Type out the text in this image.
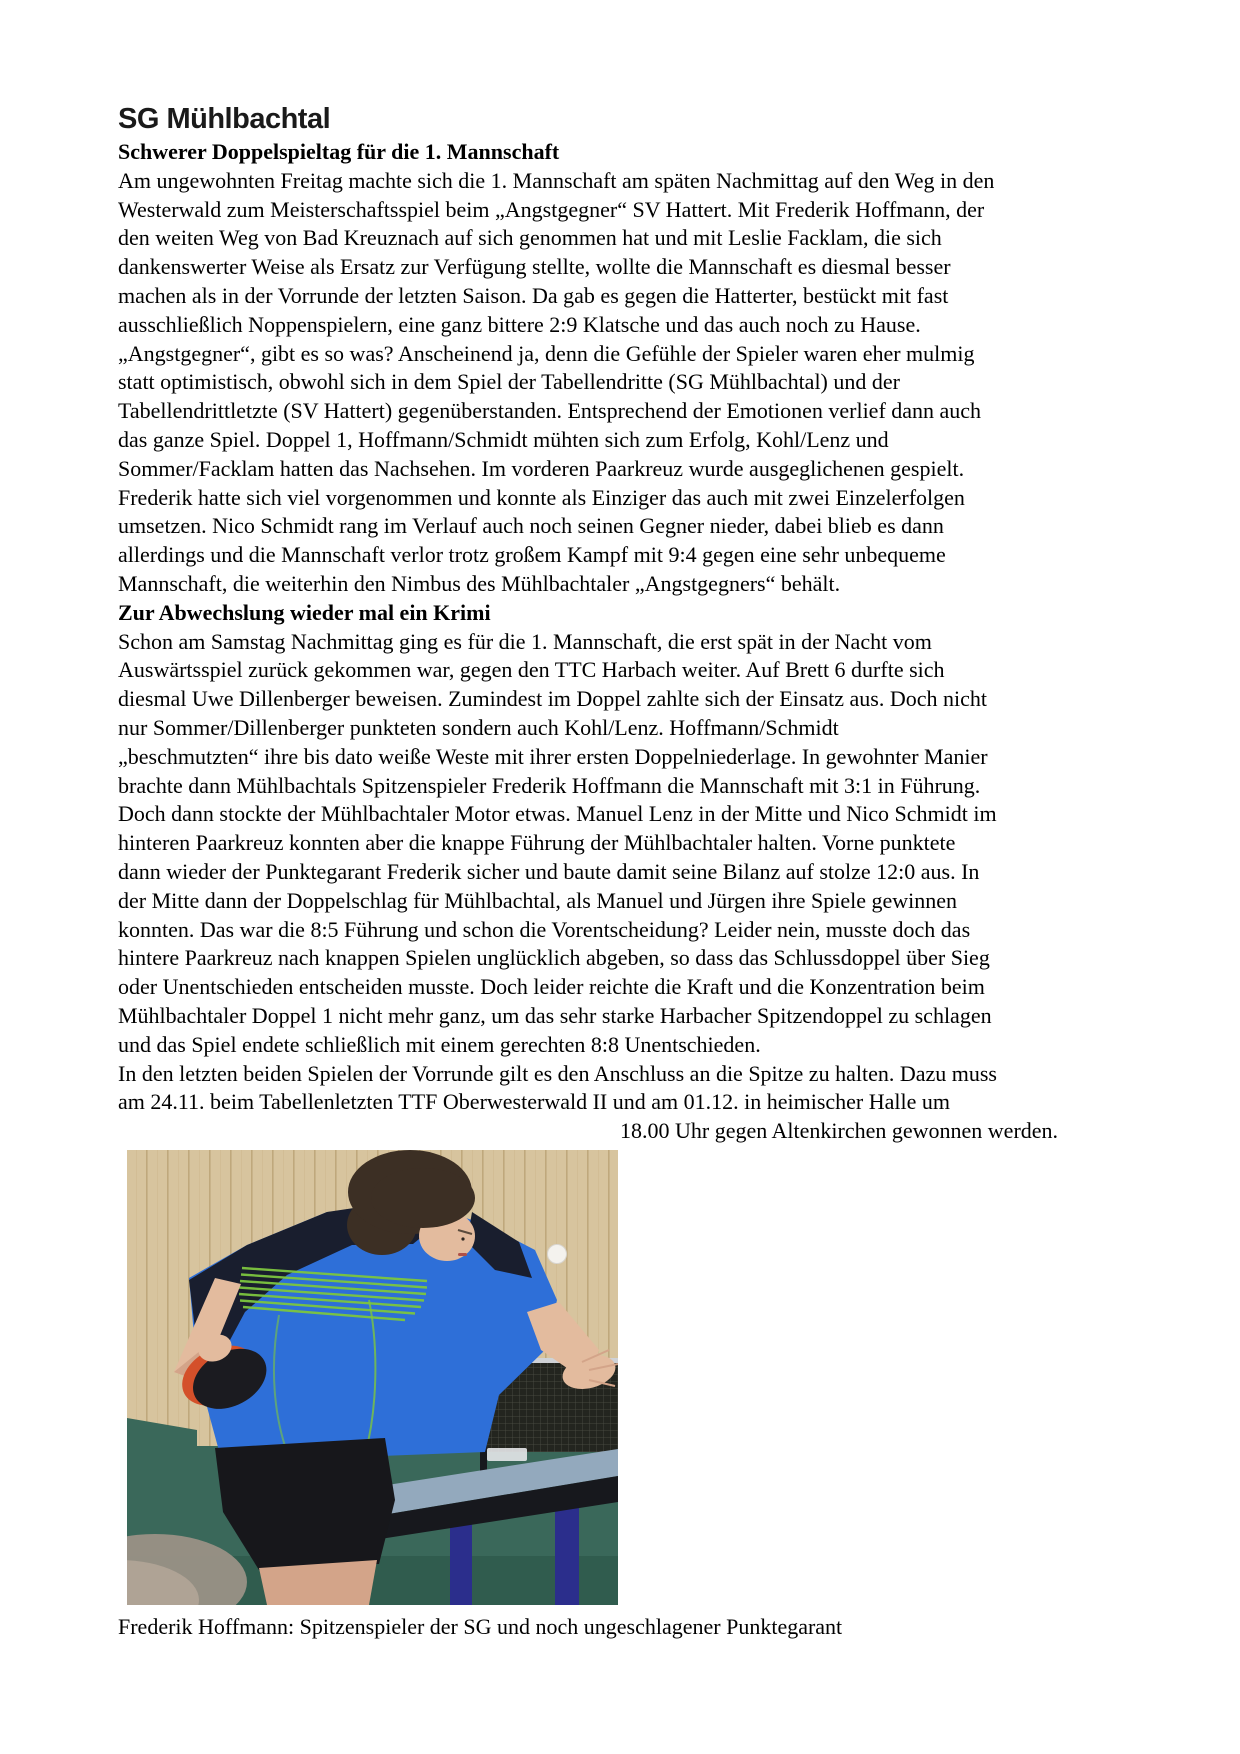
SG Mühlbachtal
Schwerer Doppelspieltag für die 1. Mannschaft
Am ungewohnten Freitag machte sich die 1. Mannschaft am späten Nachmittag auf den Weg in den
Westerwald zum Meisterschaftsspiel beim „Angstgegner“ SV Hattert. Mit Frederik Hoffmann, der
den weiten Weg von Bad Kreuznach auf sich genommen hat und mit Leslie Facklam, die sich
dankenswerter Weise als Ersatz zur Verfügung stellte, wollte die Mannschaft es diesmal besser
machen als in der Vorrunde der letzten Saison. Da gab es gegen die Hatterter, bestückt mit fast
ausschließlich Noppenspielern, eine ganz bittere 2:9 Klatsche und das auch noch zu Hause.
„Angstgegner“, gibt es so was? Anscheinend ja, denn die Gefühle der Spieler waren eher mulmig
statt optimistisch, obwohl sich in dem Spiel der Tabellendritte (SG Mühlbachtal) und der
Tabellendrittletzte (SV Hattert) gegenüberstanden. Entsprechend der Emotionen verlief dann auch
das ganze Spiel. Doppel 1, Hoffmann/Schmidt mühten sich zum Erfolg, Kohl/Lenz und
Sommer/Facklam hatten das Nachsehen. Im vorderen Paarkreuz wurde ausgeglichenen gespielt.
Frederik hatte sich viel vorgenommen und konnte als Einziger das auch mit zwei Einzelerfolgen
umsetzen. Nico Schmidt rang im Verlauf auch noch seinen Gegner nieder, dabei blieb es dann
allerdings und die Mannschaft verlor trotz großem Kampf mit 9:4 gegen eine sehr unbequeme
Mannschaft, die weiterhin den Nimbus des Mühlbachtaler „Angstgegners“ behält.
Zur Abwechslung wieder mal ein Krimi
Schon am Samstag Nachmittag ging es für die 1. Mannschaft, die erst spät in der Nacht vom
Auswärtsspiel zurück gekommen war, gegen den TTC Harbach weiter. Auf Brett 6 durfte sich
diesmal Uwe Dillenberger beweisen. Zumindest im Doppel zahlte sich der Einsatz aus. Doch nicht
nur Sommer/Dillenberger punkteten sondern auch Kohl/Lenz. Hoffmann/Schmidt
„beschmutzten“ ihre bis dato weiße Weste mit ihrer ersten Doppelniederlage. In gewohnter Manier
brachte dann Mühlbachtals Spitzenspieler Frederik Hoffmann die Mannschaft mit 3:1 in Führung.
Doch dann stockte der Mühlbachtaler Motor etwas. Manuel Lenz in der Mitte und Nico Schmidt im
hinteren Paarkreuz konnten aber die knappe Führung der Mühlbachtaler halten. Vorne punktete
dann wieder der Punktegarant Frederik sicher und baute damit seine Bilanz auf stolze 12:0 aus. In
der Mitte dann der Doppelschlag für Mühlbachtal, als Manuel und Jürgen ihre Spiele gewinnen
konnten. Das war die 8:5 Führung und schon die Vorentscheidung? Leider nein, musste doch das
hintere Paarkreuz nach knappen Spielen unglücklich abgeben, so dass das Schlussdoppel über Sieg
oder Unentschieden entscheiden musste. Doch leider reichte die Kraft und die Konzentration beim
Mühlbachtaler Doppel 1 nicht mehr ganz, um das sehr starke Harbacher Spitzendoppel zu schlagen
und das Spiel endete schließlich mit einem gerechten 8:8 Unentschieden.
In den letzten beiden Spielen der Vorrunde gilt es den Anschluss an die Spitze zu halten. Dazu muss
am 24.11. beim Tabellenletzten TTF Oberwesterwald II und am 01.12. in heimischer Halle um
18.00 Uhr gegen Altenkirchen gewonnen werden.
Frederik Hoffmann: Spitzenspieler der SG und noch ungeschlagener Punktegarant
